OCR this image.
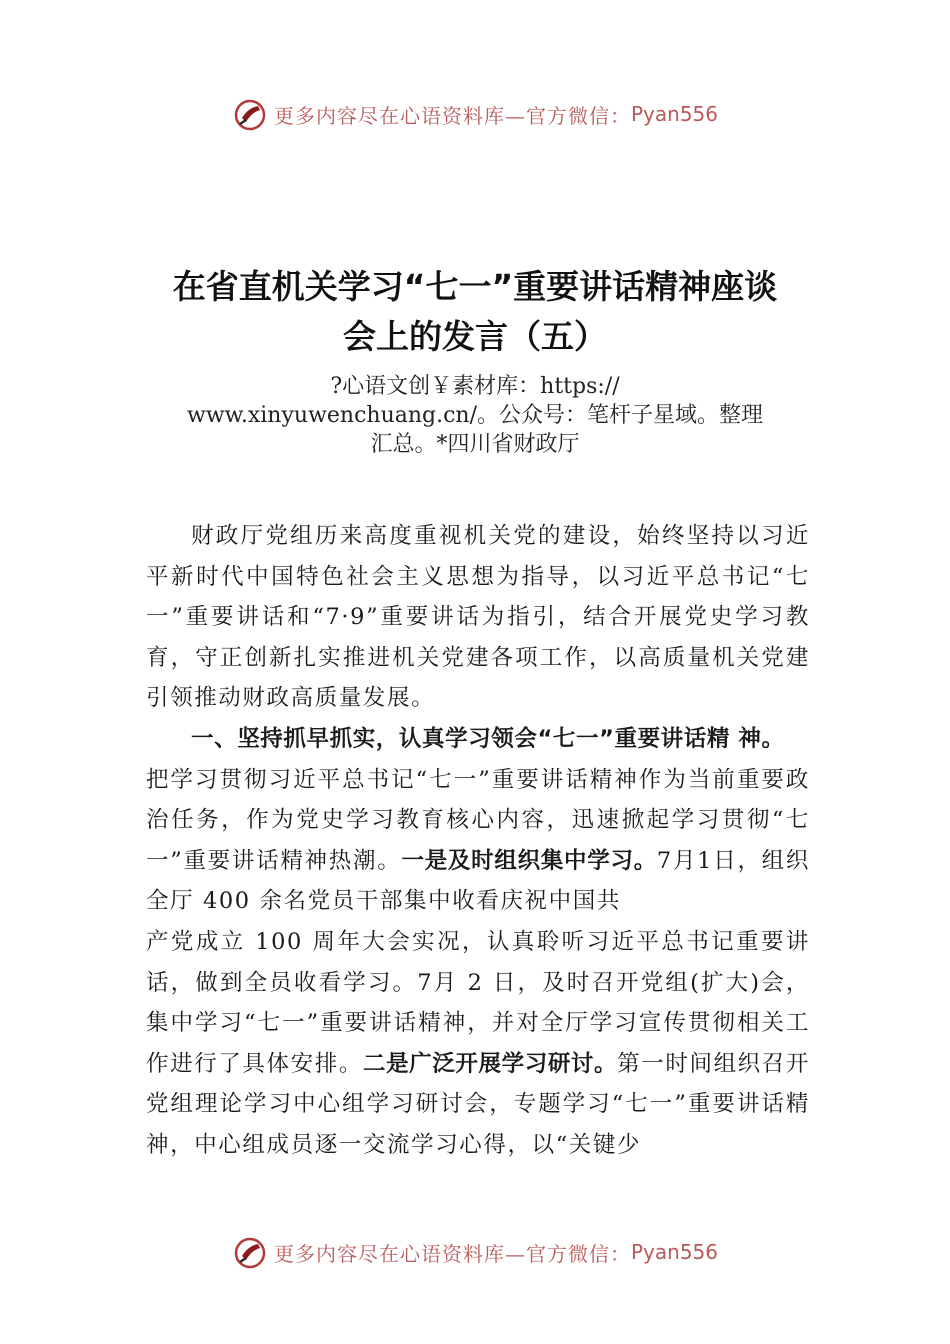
更多内容尽在心语资料库—官方微信： Pyan556
在省直机关学习“七一”重要讲话精神座谈
会上的发言（五）
?心语文创￥素材库：https://
www.xinyuwenchuang.cn/。公众号：笔杆子星域。整理
汇总。*四川省财政厅

财政厅党组历来高度重视机关党的建设，始终坚持以习近平新时代中国特色社会主义思想为指导，以习近平总书记“七一”重要讲话和“7·9”重要讲话为指引，结合开展党史学习教育，守正创新扎实推进机关党建各项工作，以高质量机关党建引领推动财政高质量发展。

一、坚持抓早抓实，认真学习领会“七一”重要讲话精 神。

把学习贯彻习近平总书记“七一”重要讲话精神作为当前重要政治任务，作为党史学习教育核心内容，迅速掀起学习贯彻“七一”重要讲话精神热潮。一是及时组织集中学习。7月1日，组织全厅 400 余名党员干部集中收看庆祝中国共
产党成立 100 周年大会实况，认真聆听习近平总书记重要讲话，做到全员收看学习。7月 2 日，及时召开党组(扩大)会，集中学习“七一”重要讲话精神，并对全厅学习宣传贯彻相关工作进行了具体安排。二是广泛开展学习研讨。第一时间组织召开党组理论学习中心组学习研讨会，专题学习“七一”重要讲话精神，中心组成员逐一交流学习心得，以“关键少

更多内容尽在心语资料库—官方微信： Pyan556
